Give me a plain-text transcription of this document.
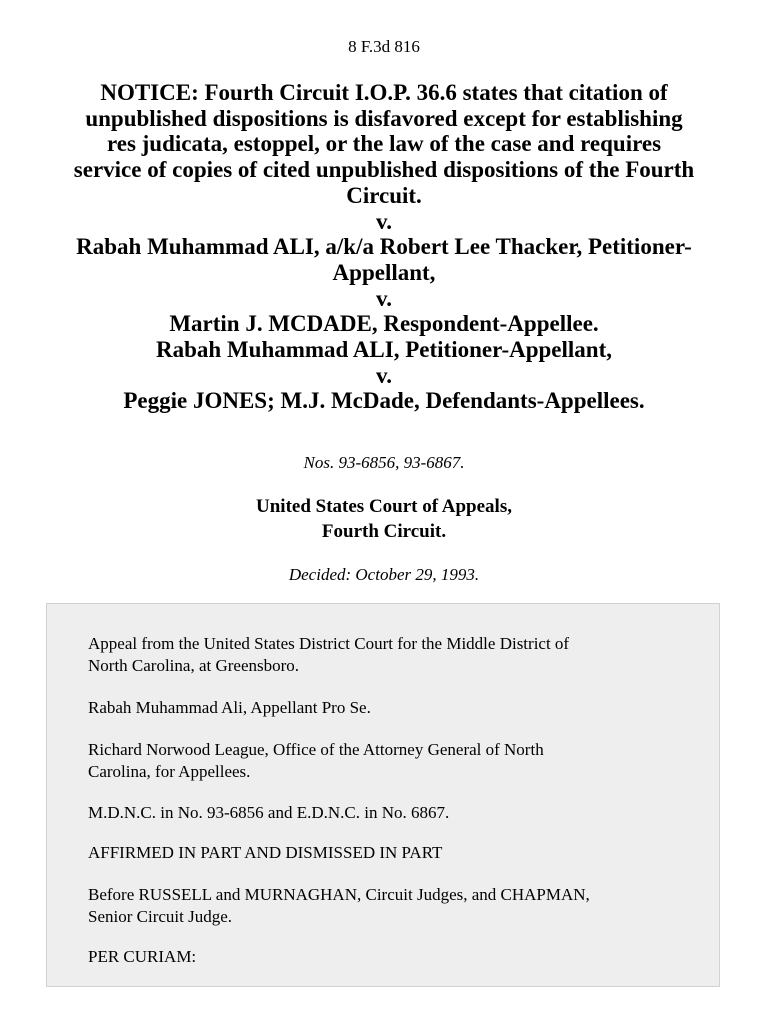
8 F.3d 816
NOTICE: Fourth Circuit I.O.P. 36.6 states that citation of
unpublished dispositions is disfavored except for establishing
res judicata, estoppel, or the law of the case and requires
service of copies of cited unpublished dispositions of the Fourth
Circuit.
v.
Rabah Muhammad ALI, a/k/a Robert Lee Thacker, Petitioner-
Appellant,
v.
Martin J. MCDADE, Respondent-Appellee.
Rabah Muhammad ALI, Petitioner-Appellant,
v.
Peggie JONES; M.J. McDade, Defendants-Appellees.
Nos. 93-6856, 93-6867.
United States Court of Appeals,
Fourth Circuit.
Decided: October 29, 1993.

Appeal from the United States District Court for the Middle District of
North Carolina, at Greensboro.

Rabah Muhammad Ali, Appellant Pro Se.

Richard Norwood League, Office of the Attorney General of North
Carolina, for Appellees.

M.D.N.C. in No. 93-6856 and E.D.N.C. in No. 6867.

AFFIRMED IN PART AND DISMISSED IN PART

Before RUSSELL and MURNAGHAN, Circuit Judges, and CHAPMAN,
Senior Circuit Judge.

PER CURIAM:
